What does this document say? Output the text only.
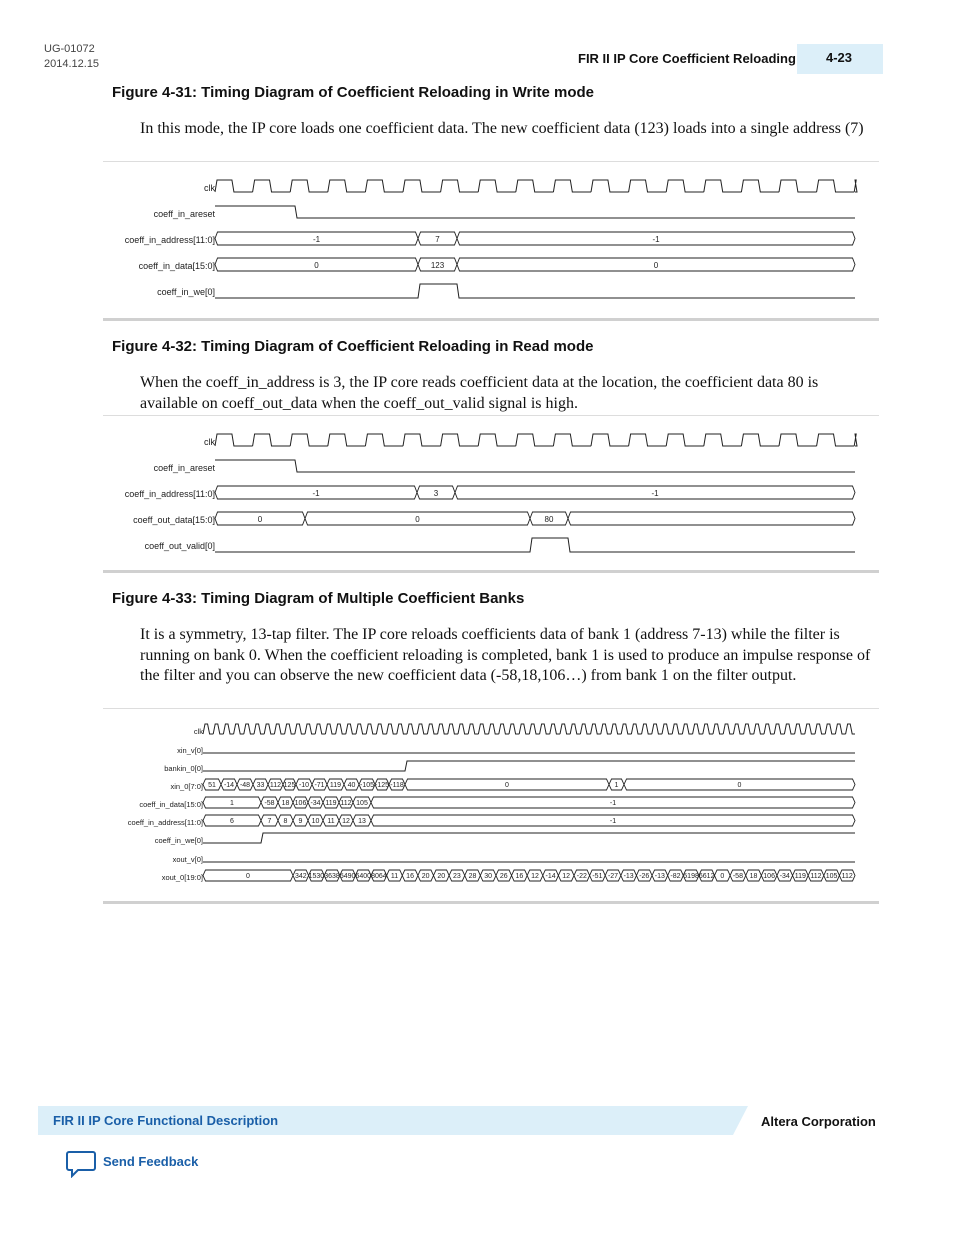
UG-01072
2014.12.15	FIR II IP Core Coefficient Reloading 4-23
Figure 4-31: Timing Diagram of Coefficient Reloading in Write mode
In this mode, the IP core loads one coefficient data. The new coefficient data (123) loads into a single address (7)
clk
coeff_in_areset
coeff_in_address[11:0]
coeff_in_data[15:0]
coeff_in_we[0]
-1	7	-1
0	123	0
Figure 4-32: Timing Diagram of Coefficient Reloading in Read mode
When the coeff_in_address is 3, the IP core reads coefficient data at the location, the coefficient data 80 is available on coeff_out_data when the coeff_out_valid signal is high.
clk
coeff_in_areset
coeff_in_address[11:0]
coeff_out_data[15:0]
coeff_out_valid[0]
-1	3	-1
0	0	80
Figure 4-33: Timing Diagram of Multiple Coefficient Banks
It is a symmetry, 13-tap filter. The IP core reloads coefficients data of bank 1 (address 7-13) while the filter is running on bank 0. When the coefficient reloading is completed, bank 1 is used to produce an impulse response of the filter and you can observe the new coefficient data (-58,18,106…) from bank 1 on the filter output.
clk
xin_v[0]
bankin_0[0]
xin_0[7:0]
coeff_in_data[15:0]
coeff_in_address[11:0]
coeff_in_we[0]
xout_v[0]
xout_0[19:0]
51 -14 -48 33 112 125 -10 -71 119 40 -105 -125 -118	0	1	0
1	-58 18 106 -34 119 112 105	-1
6	7 8 9 10 11 12 13	-1
0	342 1530 3638 5490 6400 8064 11 16 20 20 23 28 30 26 16 12 -14 12 -22 -51 -27 -13 -26 -13 -82 5198 6612 0 -58 18 106 -34 119 112 105 112
FIR II IP Core Functional Description	Altera Corporation
Send Feedback
